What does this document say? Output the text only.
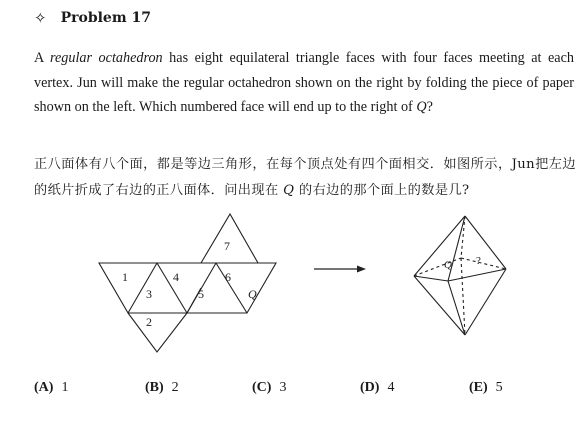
✧ Problem 17
A regular octahedron has eight equilateral triangle faces with four faces meeting at each vertex. Jun will make the regular octahedron shown on the right by folding the piece of paper shown on the left. Which numbered face will end up to the right of Q?
正八面体有八个面，都是等边三角形，在每个顶点处有四个面相交．如图所示，Jun把左边的纸片折成了右边的正八面体．问出现在 Q 的右边的那个面上的数是几?
1
3
4
5
6
7
2
Q
Q ?
(A) 1	(B) 2	(C) 3	(D) 4	(E) 5
